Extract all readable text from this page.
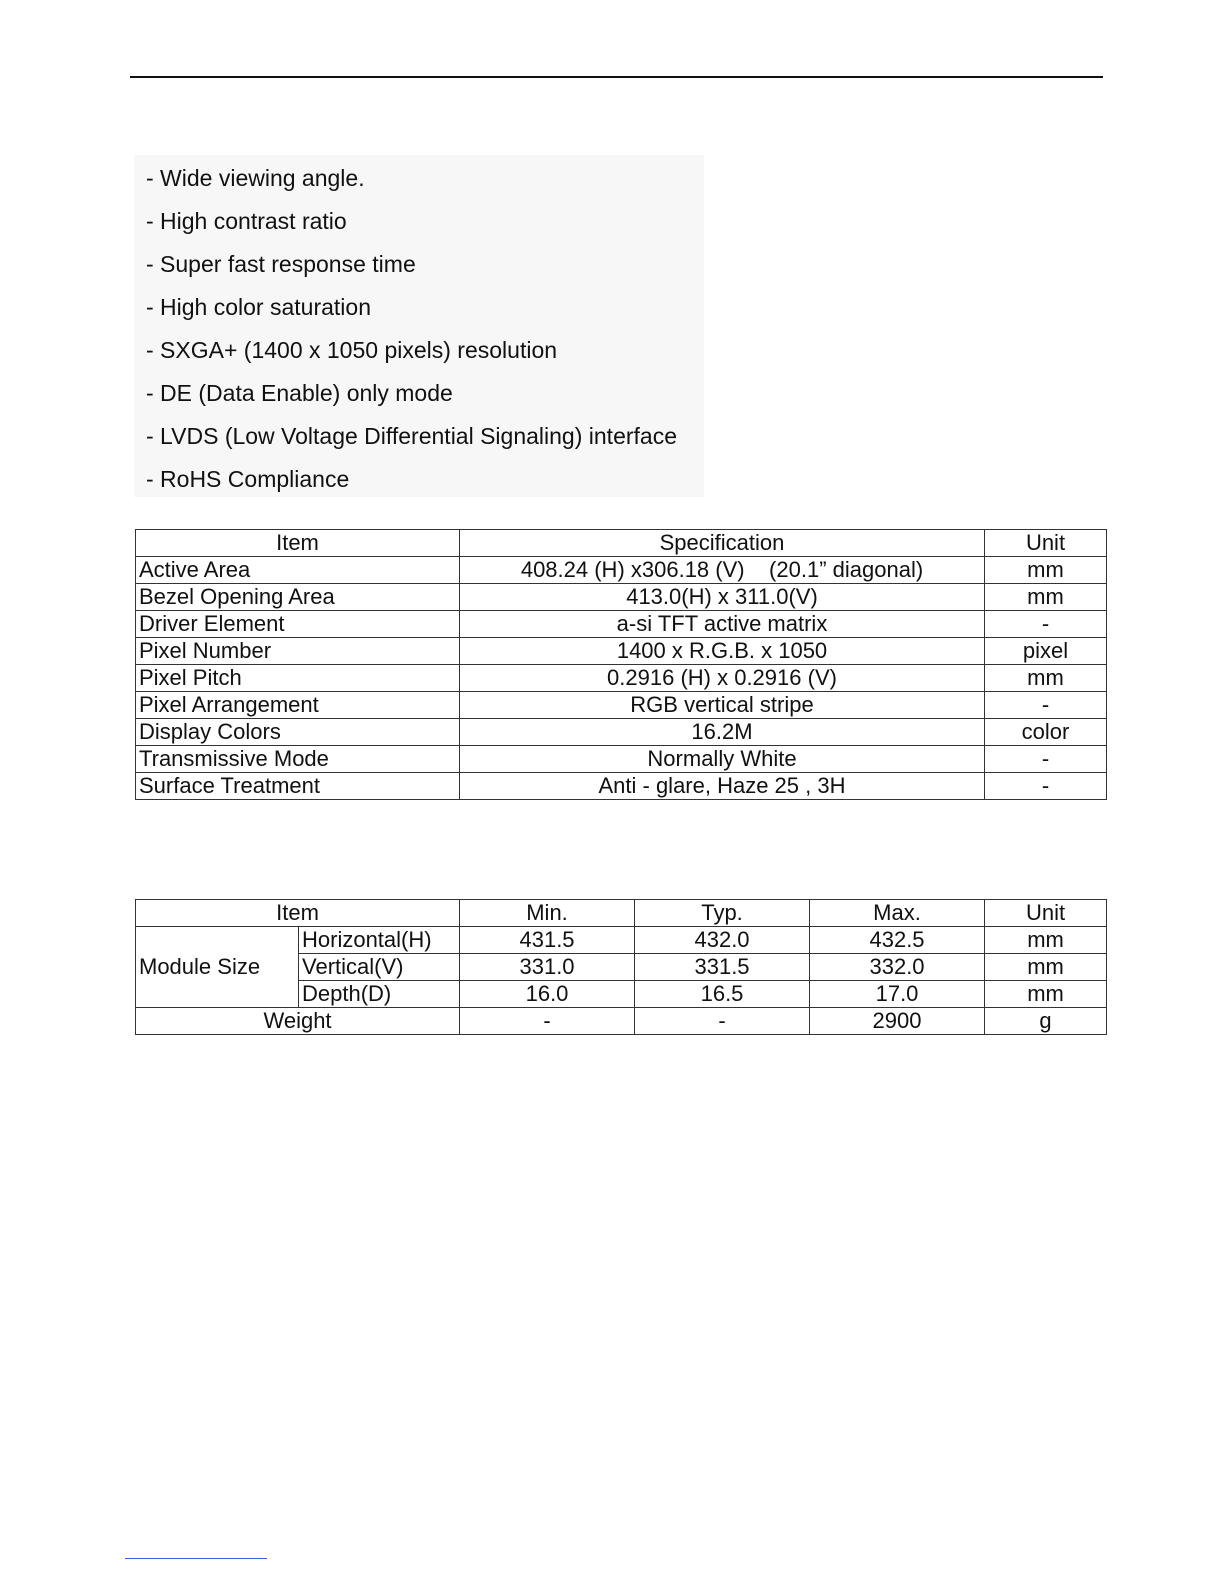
- Wide viewing angle.
- High contrast ratio
- Super fast response time
- High color saturation
- SXGA+ (1400 x 1050 pixels) resolution
- DE (Data Enable) only mode
- LVDS (Low Voltage Differential Signaling) interface
- RoHS Compliance
Item	Specification	Unit
Active Area	408.24 (H) x306.18 (V)    (20.1” diagonal)	mm
Bezel Opening Area	413.0(H) x 311.0(V)	mm
Driver Element	a-si TFT active matrix	-
Pixel Number	1400 x R.G.B. x 1050	pixel
Pixel Pitch	0.2916 (H) x 0.2916 (V)	mm
Pixel Arrangement	RGB vertical stripe	-
Display Colors	16.2M	color
Transmissive Mode	Normally White	-
Surface Treatment	Anti - glare, Haze 25 , 3H	-
Item		Min.	Typ.	Max.	Unit
Module Size	Horizontal(H)	431.5	432.0	432.5	mm
	Vertical(V)	331.0	331.5	332.0	mm
	Depth(D)	16.0	16.5	17.0	mm
Weight		-	-	2900	g
